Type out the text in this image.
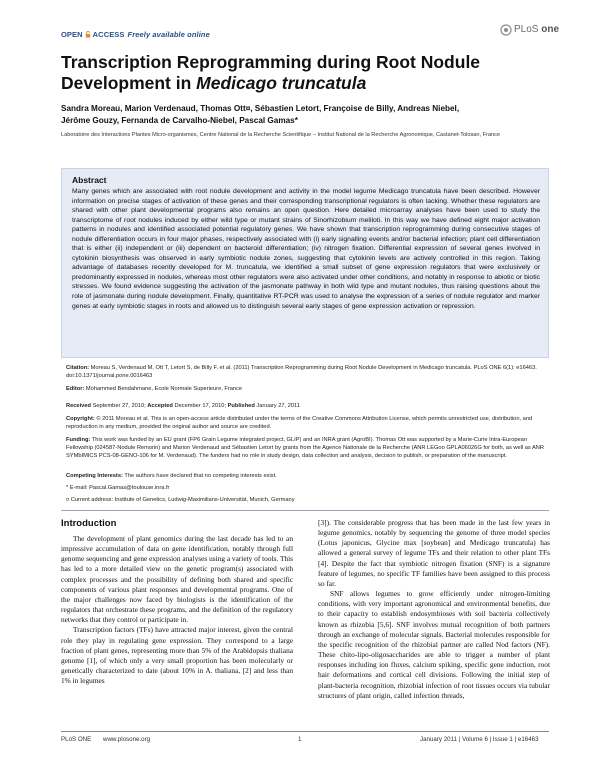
OPEN ACCESS Freely available online	PLoS one
Transcription Reprogramming during Root Nodule Development in Medicago truncatula
Sandra Moreau, Marion Verdenaud, Thomas Ott¤, Sébastien Letort, Françoise de Billy, Andreas Niebel,
Jérôme Gouzy, Fernanda de Carvalho-Niebel, Pascal Gamas*
Laboratoire des Interactions Plantes Micro-organismes, Centre National de la Recherche Scientifique – Institut National de la Recherche Agronomique, Castanet-Tolosan, France
Abstract
Many genes which are associated with root nodule development and activity in the model legume Medicago truncatula have been described. However information on precise stages of activation of these genes and their corresponding transcriptional regulators is often lacking. Whether these regulators are shared with other plant developmental programs also remains an open question. Here detailed microarray analyses have been used to study the transcriptome of root nodules induced by either wild type or mutant strains of Sinorhizobium meliloti. In this way we have defined eight major activation patterns in nodules and identified associated potential regulatory genes. We have shown that transcription reprogramming during consecutive stages of nodule differentiation occurs in four major phases, respectively associated with (i) early signalling events and/or bacterial infection; plant cell differentiation that is either (ii) independent or (iii) dependent on bacteroid differentiation; (iv) nitrogen fixation. Differential expression of several genes involved in cytokinin biosynthesis was observed in early symbiotic nodule zones, suggesting that cytokinin levels are actively controlled in this region. Taking advantage of databases recently developed for M. truncatula, we identified a small subset of gene expression regulators that were exclusively or predominantly expressed in nodules, whereas most other regulators were also activated under other conditions, and notably in response to abiotic or biotic stresses. We found evidence suggesting the activation of the jasmonate pathway in both wild type and mutant nodules, thus raising questions about the role of jasmonate during nodule development. Finally, quantitative RT-PCR was used to analyse the expression of a series of nodule regulator and marker genes at early symbiotic stages in roots and allowed us to distinguish several early stages of gene expression activation or repression.
Citation: Moreau S, Verdenaud M, Ott T, Letort S, de Billy F, et al. (2011) Transcription Reprogramming during Root Nodule Development in Medicago truncatula. PLoS ONE 6(1): e16463. doi:10.1371/journal.pone.0016463
Editor: Mohammed Bendahmane, Ecole Normale Superieure, France
Received September 27, 2010; Accepted December 17, 2010; Published January 27, 2011
Copyright: © 2011 Moreau et al. This is an open-access article distributed under the terms of the Creative Commons Attribution License, which permits unrestricted use, distribution, and reproduction in any medium, provided the original author and source are credited.
Funding: This work was funded by an EU grant (FP6 Grain Legume integrated project, GLIP) and an INRA grant (AgroBI). Thomas Ott was supported by a Marie-Curie Intra-European Fellowship (024587-Nodule Remorin) and Marion Verdenaud and Sébastien Letort by grants from the Agence Nationale de la Recherche (ANR LEGoo GPLA06026G for both, as well as ANR SYMbIMICS PCS-08-GENO-106 for M. Verdenaud). The funders had no role in study design, data collection and analysis, decision to publish, or preparation of the manuscript.
Competing Interests: The authors have declared that no competing interests exist.
* E-mail: Pascal.Gamas@toulouse.inra.fr
¤ Current address: Institute of Genetics, Ludwig-Maximilians-Universität, Munich, Germany
Introduction

The development of plant genomics during the last decade has led to an impressive accumulation of data on gene identification, notably through full genome sequencing and gene expression analyses using a variety of tools. This has led to a more detailed view on the genetic program(s) associated with complex processes and the possibility of defining both shared and specific components of various plant responses and developmental programs. One of the major challenges now faced by biologists is the identification of the regulators that orchestrate these programs, and the definition of the regulatory networks that they control or participate in.

Transcription factors (TFs) have attracted major interest, given the central role they play in regulating gene expression. They correspond to a large fraction of plant genes, representing more than 5% of the Arabidopsis thaliana genome [1], of which only a very small proportion has been molecularly or genetically characterized to date (about 10% in A. thaliana, [2] and less than 1% in legumes

[3]). The considerable progress that has been made in the last few years in legume genomics, notably by sequencing the genome of three model species (Lotus japonicus, Glycine max [soybean] and Medicago truncatula) has allowed a general survey of legume TFs and their relation to other plant TFs [4]. Despite the fact that symbiotic nitrogen fixation (SNF) is a signature feature of legumes, no specific TF families have been assigned to this process so far.

SNF allows legumes to grow efficiently under nitrogen-limiting conditions, with very important agronomical and environmental benefits, due to their capacity to establish endosymbioses with soil bacteria collectively known as rhizobia [5,6]. SNF involves mutual recognition of both partners through an exchange of molecular signals. Bacterial molecules responsible for the specific recognition of the rhizobial partner are called Nod factors (NF). These chito-lipo-oligosaccharides are able to trigger a number of plant responses including ion fluxes, calcium spiking, specific gene induction, root hair deformations and cortical cell divisions. Following the initial step of plant-bacteria recognition, rhizobial infection of root tissues occurs via tubular structures of plant origin, called infection threads,

PLoS ONE www.plosone.org	1	January 2011 | Volume 6 | Issue 1 | e16463
